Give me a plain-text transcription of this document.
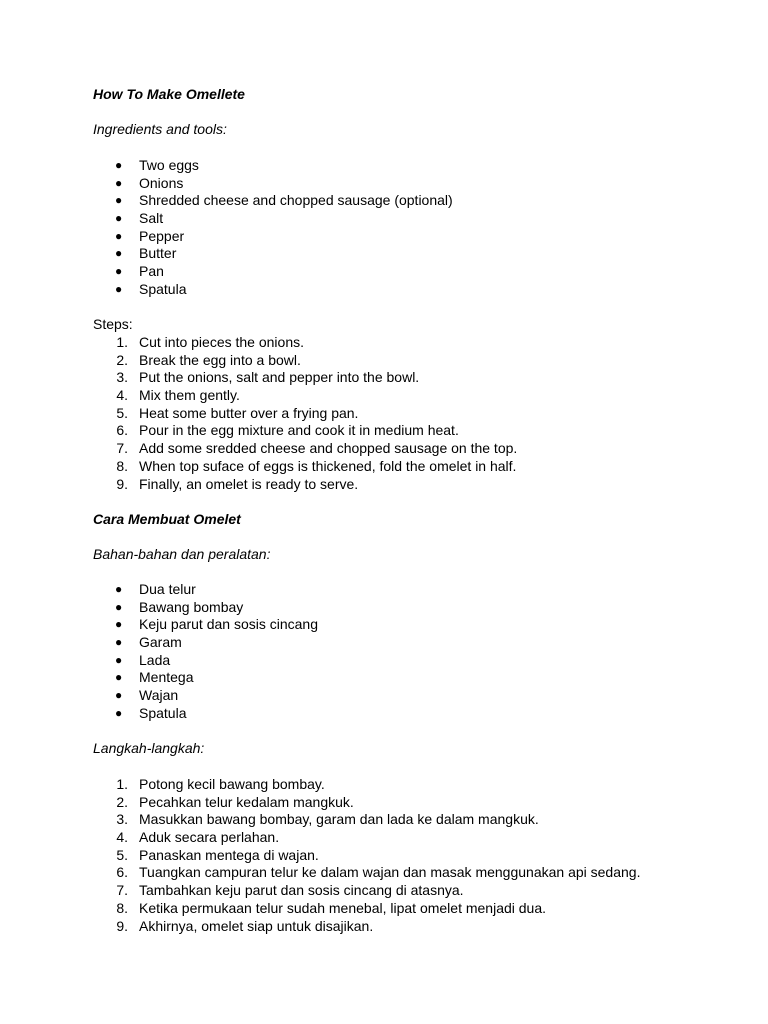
How To Make Omellete
Ingredients and tools:
● Two eggs
● Onions
● Shredded cheese and chopped sausage (optional)
● Salt
● Pepper
● Butter
● Pan
● Spatula
Steps:
1. Cut into pieces the onions.
2. Break the egg into a bowl.
3. Put the onions, salt and pepper into the bowl.
4. Mix them gently.
5. Heat some butter over a frying pan.
6. Pour in the egg mixture and cook it in medium heat.
7. Add some sredded cheese and chopped sausage on the top.
8. When top suface of eggs is thickened, fold the omelet in half.
9. Finally, an omelet is ready to serve.
Cara Membuat Omelet
Bahan-bahan dan peralatan:
● Dua telur
● Bawang bombay
● Keju parut dan sosis cincang
● Garam
● Lada
● Mentega
● Wajan
● Spatula
Langkah-langkah:
1. Potong kecil bawang bombay.
2. Pecahkan telur kedalam mangkuk.
3. Masukkan bawang bombay, garam dan lada ke dalam mangkuk.
4. Aduk secara perlahan.
5. Panaskan mentega di wajan.
6. Tuangkan campuran telur ke dalam wajan dan masak menggunakan api sedang.
7. Tambahkan keju parut dan sosis cincang di atasnya.
8. Ketika permukaan telur sudah menebal, lipat omelet menjadi dua.
9. Akhirnya, omelet siap untuk disajikan.
